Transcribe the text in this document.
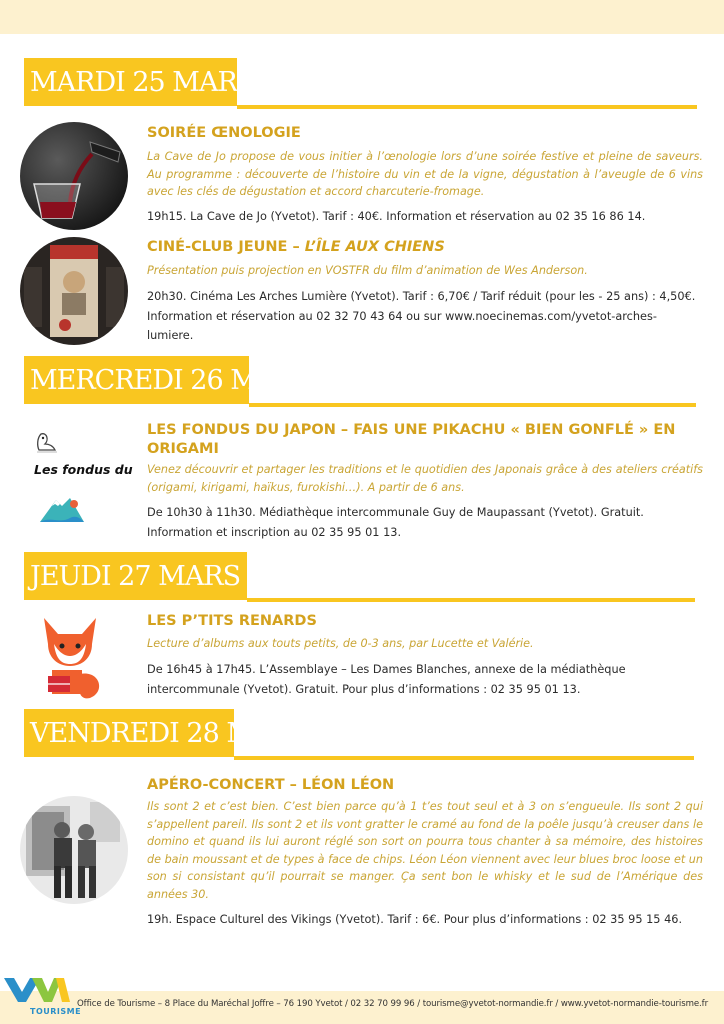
MARDI 25 MARS
SOIRÉE ŒNOLOGIE
La Cave de Jo propose de vous initier à l’œnologie lors d’une soirée festive et pleine de saveurs. Au programme : découverte de l’histoire du vin et de la vigne, dégustation à l’aveugle de 6 vins avec les clés de dégustation et accord charcuterie-fromage.
19h15. La Cave de Jo (Yvetot). Tarif : 40€. Information et réservation au 02 35 16 86 14.
CINÉ-CLUB JEUNE – L’ÎLE AUX CHIENS
Présentation puis projection en VOSTFR du film d’animation de Wes Anderson.
20h30. Cinéma Les Arches Lumière (Yvetot). Tarif : 6,70€ / Tarif réduit (pour les - 25 ans) : 4,50€. Information et réservation au 02 32 70 43 64 ou sur www.noecinemas.com/yvetot-arches-lumiere.
MERCREDI 26 MARS
Les fondus du
LES FONDUS DU JAPON – FAIS UNE PIKACHU « BIEN GONFLÉ » EN ORIGAMI
Venez découvrir et partager les traditions et le quotidien des Japonais grâce à des ateliers créatifs (origami, kirigami, haïkus, furokishi…). A partir de 6 ans.
De 10h30 à 11h30. Médiathèque intercommunale Guy de Maupassant (Yvetot). Gratuit. Information et inscription au 02 35 95 01 13.
JEUDI 27 MARS
LES P’TITS RENARDS
Lecture d’albums aux touts petits, de 0-3 ans, par Lucette et Valérie.
De 16h45 à 17h45. L’Assemblaye – Les Dames Blanches, annexe de la médiathèque intercommunale (Yvetot). Gratuit. Pour plus d’informations : 02 35 95 01 13.
VENDREDI 28 MARS
APÉRO-CONCERT – LÉON LÉON
Ils sont 2 et c’est bien. C’est bien parce qu’à 1 t’es tout seul et à 3 on s’engueule. Ils sont 2 qui s’appellent pareil. Ils sont 2 et ils vont gratter le cramé au fond de la poêle jusqu’à creuser dans le domino et quand ils lui auront réglé son sort on pourra tous chanter à sa mémoire, des histoires de bain moussant et de types à face de chips. Léon Léon viennent avec leur blues broc loose et un son si consistant qu’il pourrait se manger. Ça sent bon le whisky et le sud de l’Amérique des années 30.
19h. Espace Culturel des Vikings (Yvetot). Tarif : 6€. Pour plus d’informations : 02 35 95 15 46.
TOURISME
Office de Tourisme – 8 Place du Maréchal Joffre – 76 190 Yvetot / 02 32 70 99 96 / tourisme@yvetot-normandie.fr / www.yvetot-normandie-tourisme.fr
